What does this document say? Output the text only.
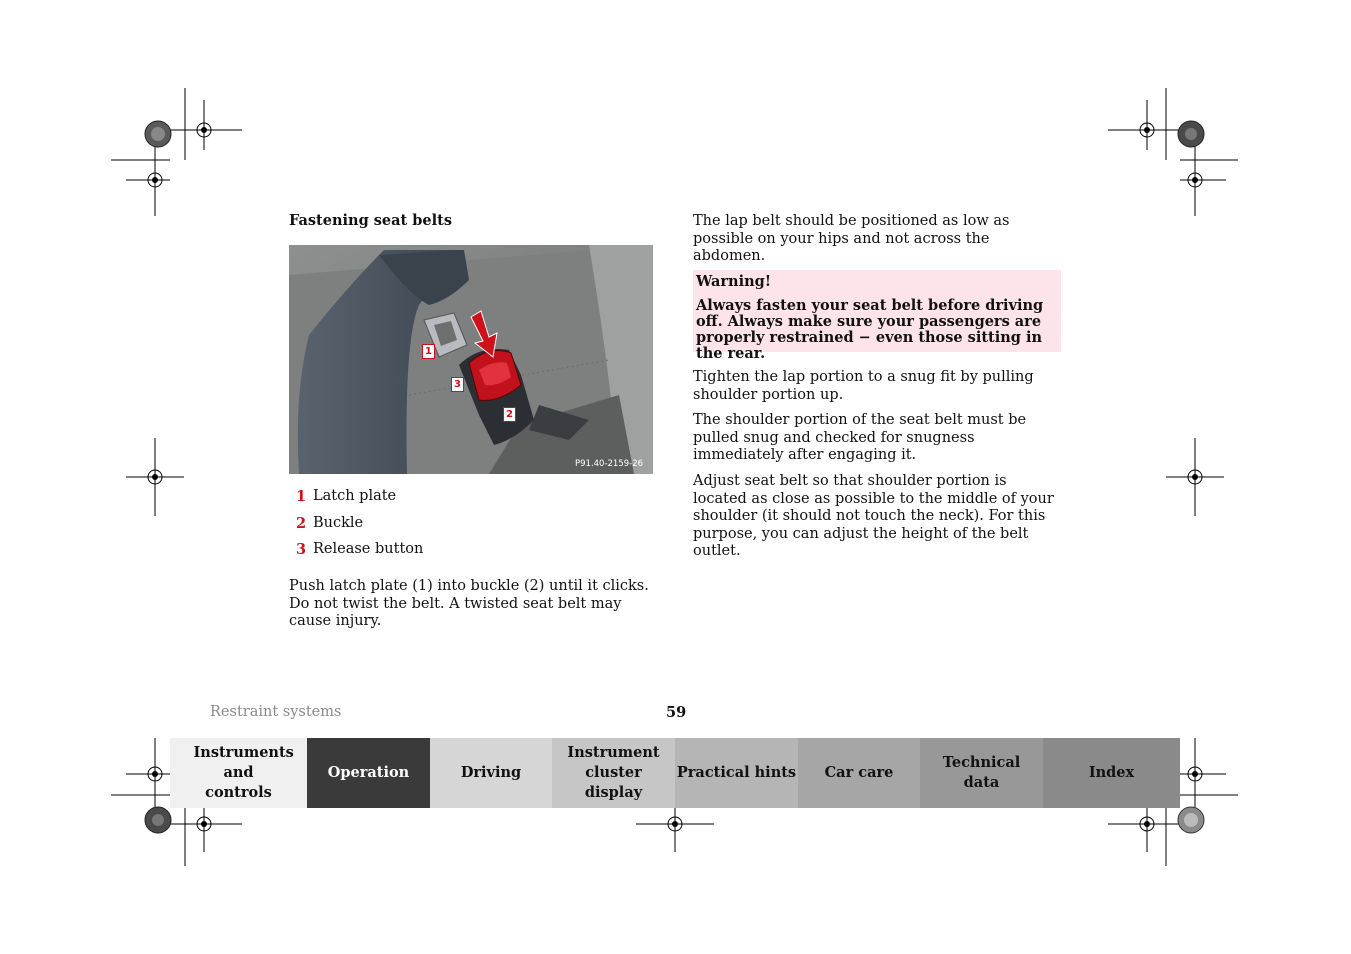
Fastening seat belts
1
3
2
P91.40-2159-26
1 Latch plate
2 Buckle
3 Release button
Push latch plate (1) into buckle (2) until it clicks. Do not twist the belt. A twisted seat belt may cause injury.
The lap belt should be positioned as low as possible on your hips and not across the abdomen.
Warning!
Always fasten your seat belt before driving off. Always make sure your passengers are properly restrained − even those sitting in the rear.
Tighten the lap portion to a snug fit by pulling shoulder portion up.
The shoulder portion of the seat belt must be pulled snug and checked for snugness immediately after engaging it.
Adjust seat belt so that shoulder portion is located as close as possible to the middle of your shoulder (it should not touch the neck). For this purpose, you can adjust the height of the belt outlet.
Restraint systems	59
Instruments and controls
Operation	Driving
Instrument cluster display
Practical hints Car care
Technical data
Index
